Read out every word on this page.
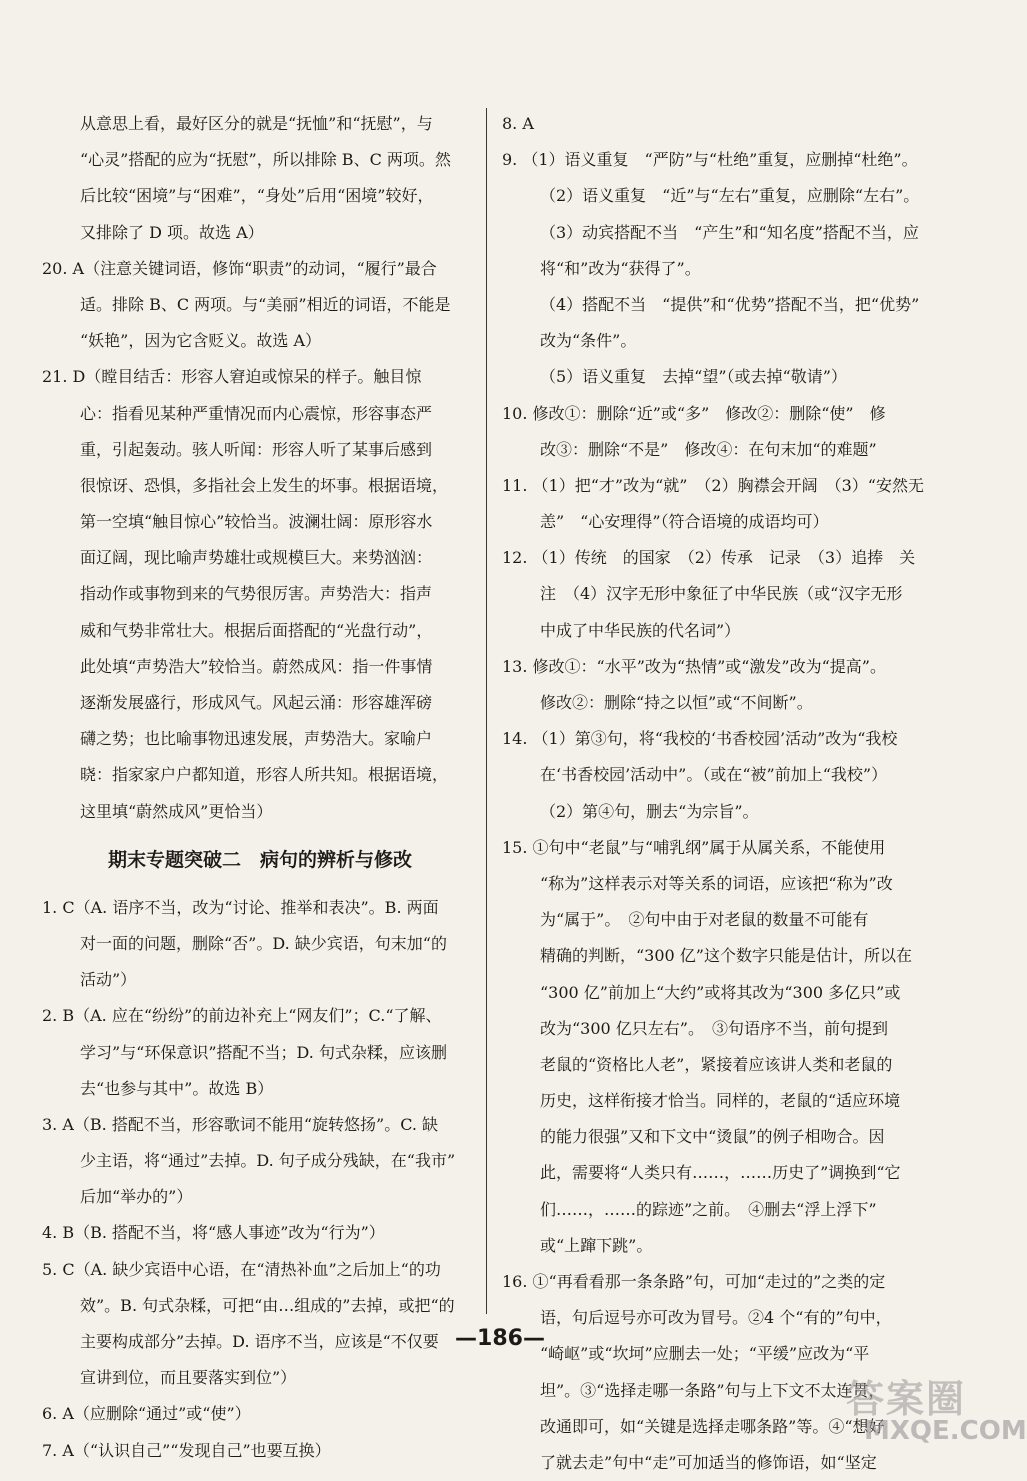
从意思上看，最好区分的就是“抚恤”和“抚慰”，与
“心灵”搭配的应为“抚慰”，所以排除 B、C 两项。然
后比较“困境”与“困难”，“身处”后用“困境”较好，
又排除了 D 项。故选 A）
20. A（注意关键词语，修饰“职责”的动词，“履行”最合
适。排除 B、C 两项。与“美丽”相近的词语，不能是
“妖艳”，因为它含贬义。故选 A）
21. D（瞠目结舌：形容人窘迫或惊呆的样子。触目惊
心：指看见某种严重情况而内心震惊，形容事态严
重，引起轰动。骇人听闻：形容人听了某事后感到
很惊讶、恐惧，多指社会上发生的坏事。根据语境，
第一空填“触目惊心”较恰当。波澜壮阔：原形容水
面辽阔，现比喻声势雄壮或规模巨大。来势汹汹：
指动作或事物到来的气势很厉害。声势浩大：指声
威和气势非常壮大。根据后面搭配的“光盘行动”，
此处填“声势浩大”较恰当。蔚然成风：指一件事情
逐渐发展盛行，形成风气。风起云涌：形容雄浑磅
礴之势；也比喻事物迅速发展，声势浩大。家喻户
晓：指家家户户都知道，形容人所共知。根据语境，
这里填“蔚然成风”更恰当）
期末专题突破二　病句的辨析与修改
1. C（A. 语序不当，改为“讨论、推举和表决”。B. 两面
对一面的问题，删除“否”。D. 缺少宾语，句末加“的
活动”）
2. B（A. 应在“纷纷”的前边补充上“网友们”；C.“了解、
学习”与“环保意识”搭配不当；D. 句式杂糅，应该删
去“也参与其中”。故选 B）
3. A（B. 搭配不当，形容歌词不能用“旋转悠扬”。C. 缺
少主语，将“通过”去掉。D. 句子成分残缺，在“我市”
后加“举办的”）
4. B（B. 搭配不当，将“感人事迹”改为“行为”）
5. C（A. 缺少宾语中心语，在“清热补血”之后加上“的功
效”。B. 句式杂糅，可把“由…组成的”去掉，或把“的
主要构成部分”去掉。D. 语序不当，应该是“不仅要
宣讲到位，而且要落实到位”）
6. A（应删除“通过”或“使”）
7. A（“认识自己”“发现自己”也要互换）
8. A
9. （1）语义重复　“严防”与“杜绝”重复，应删掉“杜绝”。
（2）语义重复　“近”与“左右”重复，应删除“左右”。
（3）动宾搭配不当　“产生”和“知名度”搭配不当，应
将“和”改为“获得了”。
（4）搭配不当　“提供”和“优势”搭配不当，把“优势”
改为“条件”。
（5）语义重复　去掉“望”（或去掉“敬请”）
10. 修改①：删除“近”或“多”　修改②：删除“使”　修
改③：删除“不是”　修改④：在句末加“的难题”
11. （1）把“才”改为“就”　（2）胸襟会开阔　（3）“安然无
恙”　“心安理得”（符合语境的成语均可）
12. （1）传统　的国家　（2）传承　记录　（3）追捧　关
注　（4）汉字无形中象征了中华民族（或“汉字无形
中成了中华民族的代名词”）
13. 修改①：“水平”改为“热情”或“激发”改为“提高”。
修改②：删除“持之以恒”或“不间断”。
14. （1）第③句，将“我校的‘书香校园’活动”改为“我校
在‘书香校园’活动中”。（或在“被”前加上“我校”）
（2）第④句，删去“为宗旨”。
15. ①句中“老鼠”与“哺乳纲”属于从属关系，不能使用
“称为”这样表示对等关系的词语，应该把“称为”改
为“属于”。　②句中由于对老鼠的数量不可能有
精确的判断，“300 亿”这个数字只能是估计，所以在
“300 亿”前加上“大约”或将其改为“300 多亿只”或
改为“300 亿只左右”。　③句语序不当，前句提到
老鼠的“资格比人老”，紧接着应该讲人类和老鼠的
历史，这样衔接才恰当。同样的，老鼠的“适应环境
的能力很强”又和下文中“烫鼠”的例子相吻合。因
此，需要将“人类只有……，……历史了”调换到“它
们……，……的踪迹”之前。　④删去“浮上浮下”
或“上蹿下跳”。
16. ①“再看看那一条条路”句，可加“走过的”之类的定
语，句后逗号亦可改为冒号。②4 个“有的”句中，
“崎岖”或“坎坷”应删去一处；“平缓”应改为“平
坦”。③“选择走哪一条路”句与上下文不太连贯，
改通即可，如“关键是选择走哪条路”等。④“想好
了就去走”句中“走”可加适当的修饰语，如“坚定
—186—
答案圈
MXQE.COM
